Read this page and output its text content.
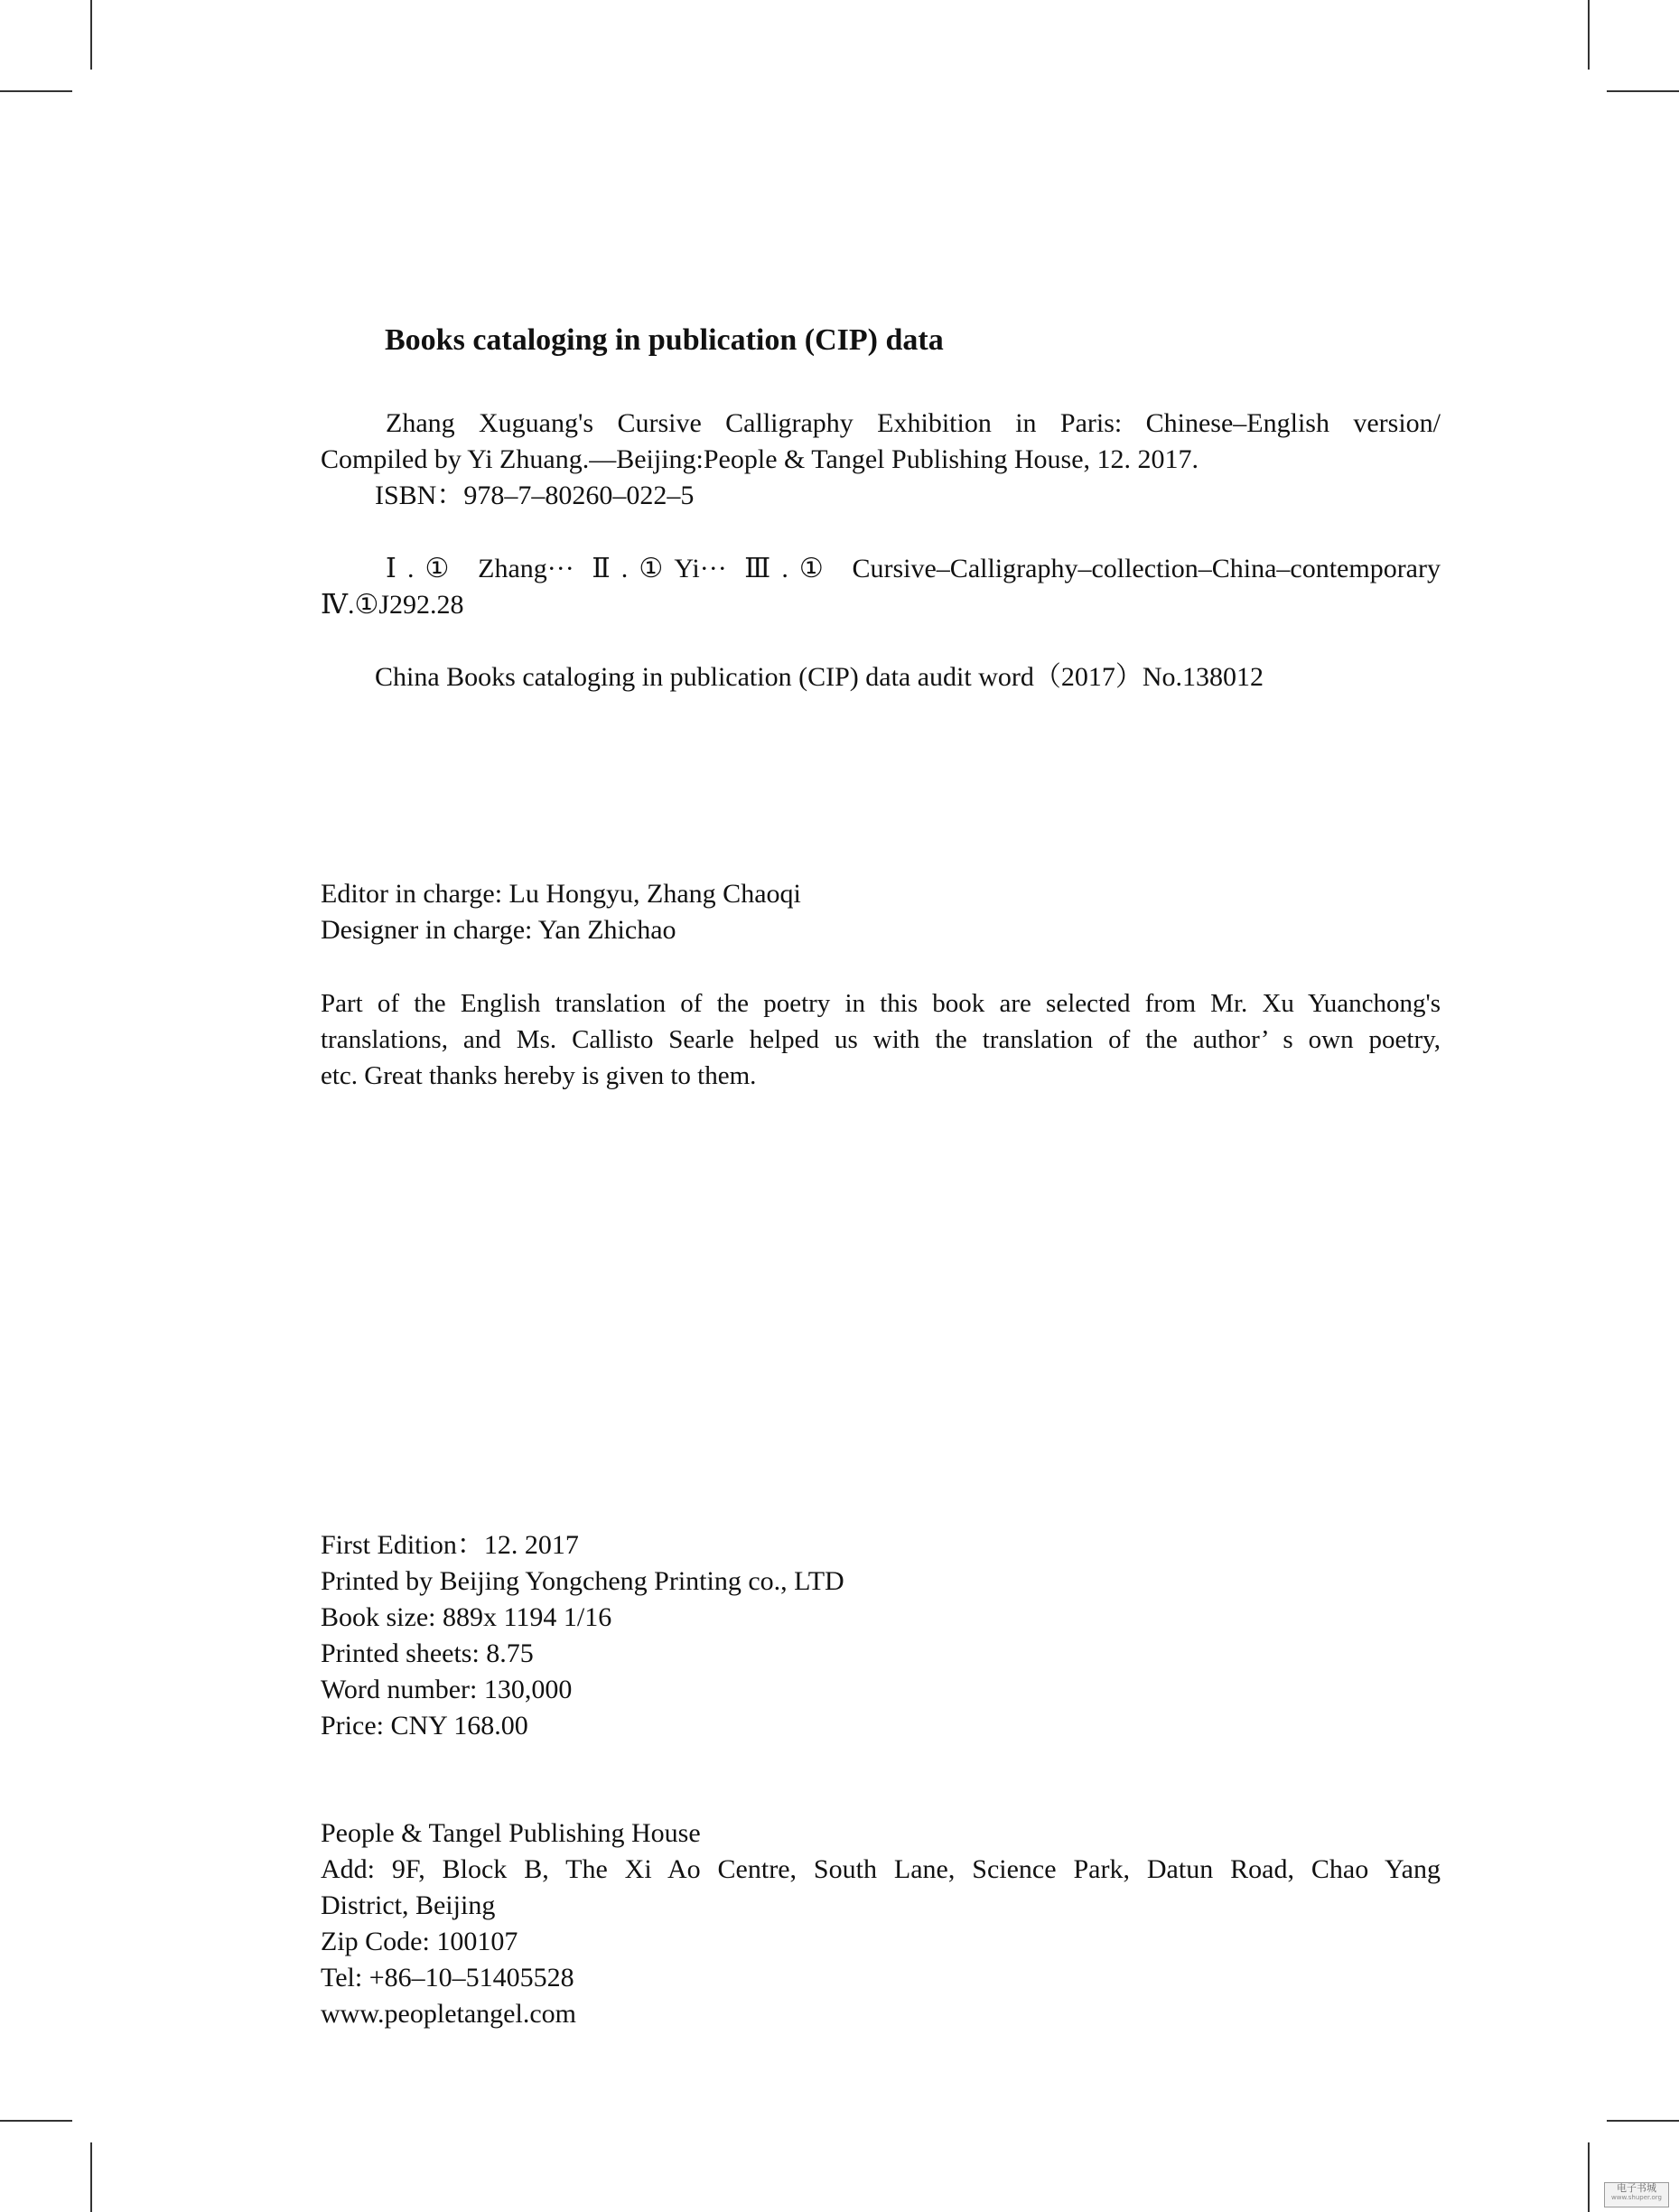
Books cataloging in publication (CIP) data
Zhang Xuguang's Cursive Calligraphy Exhibition in Paris: Chinese–English version/
Compiled by Yi Zhuang.––Beijing:People & Tangel Publishing House, 12. 2017.
ISBN：978–7–80260–022–5
Ⅰ.① Zhang··· Ⅱ.①Yi··· Ⅲ.① Cursive–Calligraphy–collection–China–contemporary
Ⅳ.①J292.28
China Books cataloging in publication (CIP) data audit word（2017）No.138012
Editor in charge: Lu Hongyu, Zhang Chaoqi
Designer in charge: Yan Zhichao
Part of the English translation of the poetry in this book are selected from Mr. Xu Yuanchong's
translations, and Ms. Callisto Searle helped us with the translation of the author’ s own poetry,
etc. Great thanks hereby is given to them.
First Edition：12. 2017
Printed by Beijing Yongcheng Printing co., LTD
Book size: 889x 1194 1/16
Printed sheets: 8.75
Word number: 130,000
Price: CNY 168.00
People & Tangel Publishing House
Add: 9F, Block B, The Xi Ao Centre, South Lane, Science Park, Datun Road, Chao Yang
District, Beijing
Zip Code: 100107
Tel: +86–10–51405528
www.peopletangel.com
电子书城
www.shuper.org
